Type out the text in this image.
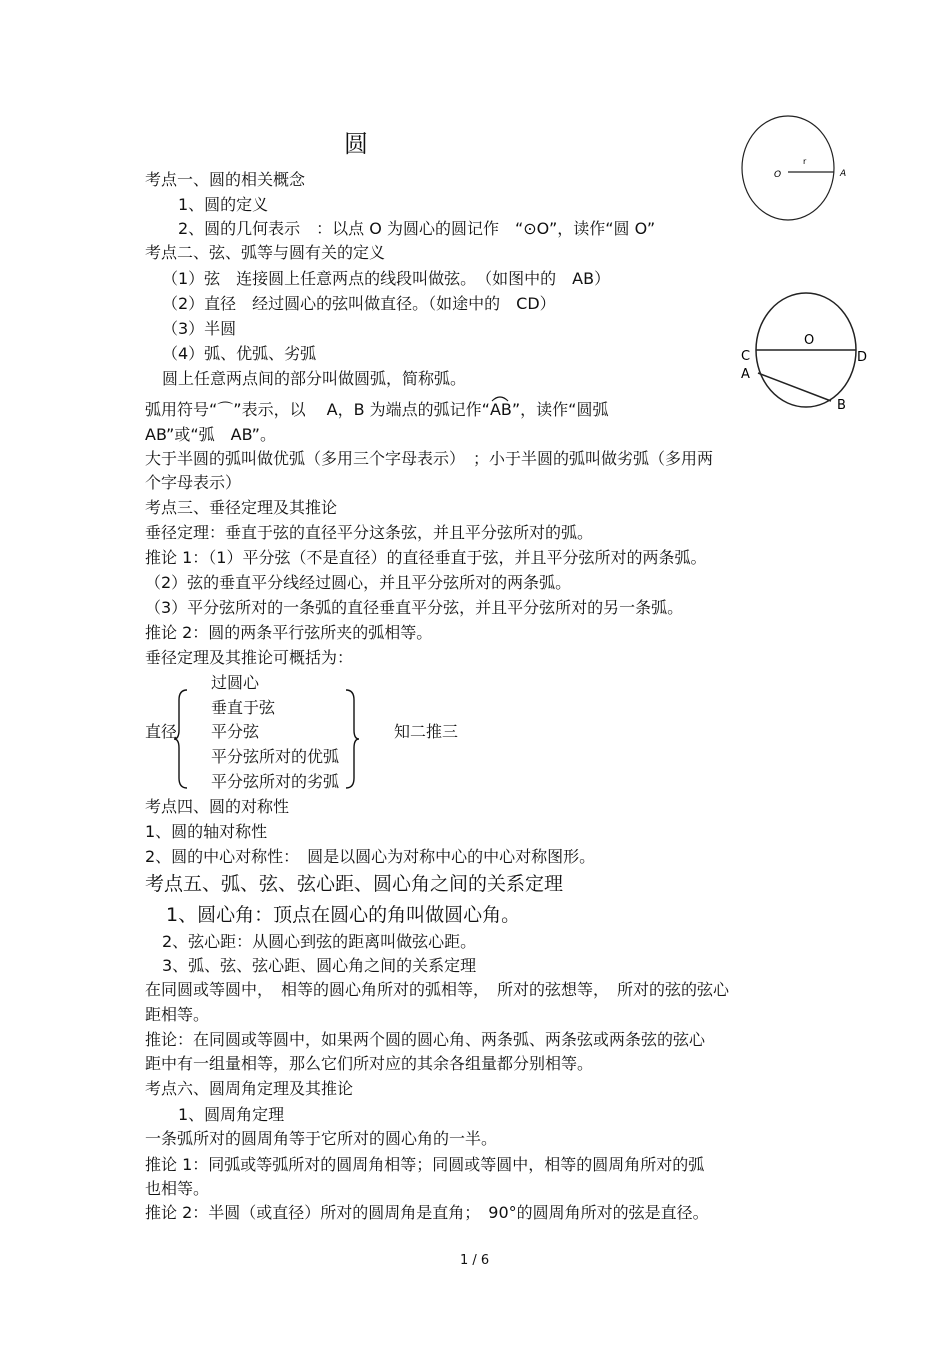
圆
O
r
A
O
C	D
A
B
考点一、圆的相关概念
1、圆的定义
2、圆的几何表示　：以点 O 为圆心的圆记作　“⊙O”，读作“圆 O”
考点二、弦、弧等与圆有关的定义
（1）弦　连接圆上任意两点的线段叫做弦。　（如图中的　AB）
（2）直径　经过圆心的弦叫做直径。（如途中的　CD）
（3）半圆
（4）弧、优弧、劣弧
圆上任意两点间的部分叫做圆弧，简称弧。
弧用符号“⌒”表示，以　 A，B 为端点的弧记作“
AB”，读作“圆弧
AB”或“弧　AB”。
大于半圆的弧叫做优弧（多用三个字母表示）　；小于半圆的弧叫做劣弧（多用两
个字母表示）
考点三、垂径定理及其推论
垂径定理：垂直于弦的直径平分这条弦，并且平分弦所对的弧。
推论 1：（1）平分弦（不是直径）的直径垂直于弦，并且平分弦所对的两条弧。
（2）弦的垂直平分线经过圆心，并且平分弦所对的两条弧。
（3）平分弦所对的一条弧的直径垂直平分弦，并且平分弦所对的另一条弧。
推论 2：圆的两条平行弦所夹的弧相等。
垂径定理及其推论可概括为：
直径
过圆心
垂直于弦
平分弦
平分弦所对的优弧
平分弦所对的劣弧
知二推三
考点四、圆的对称性
1、圆的轴对称性
2、圆的中心对称性：　圆是以圆心为对称中心的中心对称图形。
考点五、弧、弦、弦心距、圆心角之间的关系定理
1、圆心角：顶点在圆心的角叫做圆心角。
2、弦心距：从圆心到弦的距离叫做弦心距。
3、弧、弦、弦心距、圆心角之间的关系定理
在同圆或等圆中，　相等的圆心角所对的弧相等，　所对的弦想等，　所对的弦的弦心
距相等。
推论：在同圆或等圆中，如果两个圆的圆心角、两条弧、两条弦或两条弦的弦心
距中有一组量相等，那么它们所对应的其余各组量都分别相等。
考点六、圆周角定理及其推论
1、圆周角定理
一条弧所对的圆周角等于它所对的圆心角的一半。
推论 1：同弧或等弧所对的圆周角相等；同圆或等圆中，相等的圆周角所对的弧
也相等。
推论 2：半圆（或直径）所对的圆周角是直角；　90°的圆周角所对的弦是直径。
1 / 6
